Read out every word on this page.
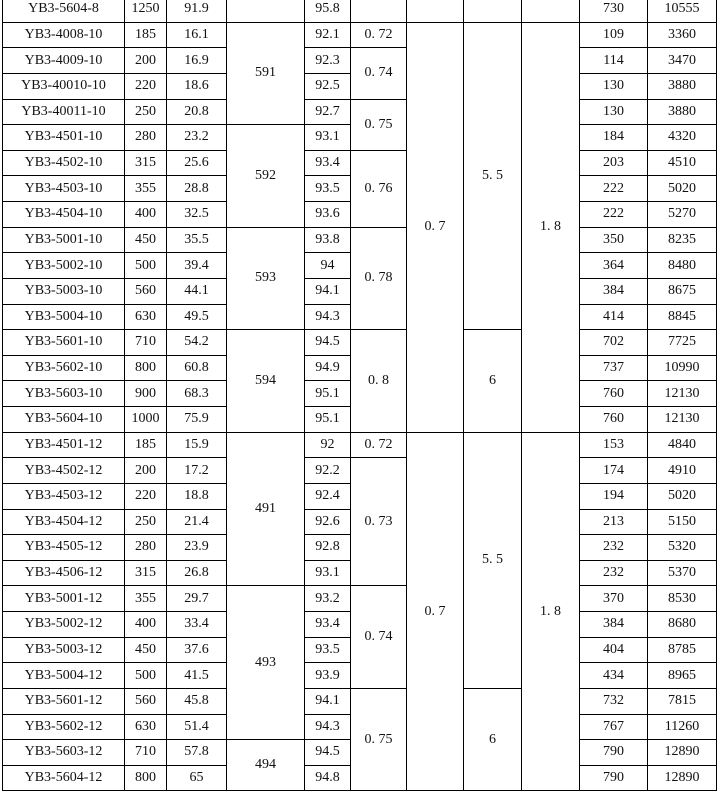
YB3-5604-8	1250	91.9		95.8					730	10555
YB3-4008-10	185	16.1	591	92.1	0. 72	0. 7	5. 5	1. 8	109	3360
YB3-4009-10	200	16.9		92.3	0. 74				114	3470
YB3-40010-10	220	18.6		92.5					130	3880
YB3-40011-10	250	20.8		92.7	0. 75				130	3880
YB3-4501-10	280	23.2	592	93.1					184	4320
YB3-4502-10	315	25.6		93.4	0. 76				203	4510
YB3-4503-10	355	28.8		93.5					222	5020
YB3-4504-10	400	32.5		93.6					222	5270
YB3-5001-10	450	35.5	593	93.8	0. 78				350	8235
YB3-5002-10	500	39.4		94					364	8480
YB3-5003-10	560	44.1		94.1					384	8675
YB3-5004-10	630	49.5		94.3					414	8845
YB3-5601-10	710	54.2	594	94.5	0. 8		6		702	7725
YB3-5602-10	800	60.8		94.9					737	10990
YB3-5603-10	900	68.3		95.1					760	12130
YB3-5604-10	1000	75.9		95.1					760	12130
YB3-4501-12	185	15.9	491	92	0. 72	0. 7	5. 5	1. 8	153	4840
YB3-4502-12	200	17.2		92.2	0. 73				174	4910
YB3-4503-12	220	18.8		92.4					194	5020
YB3-4504-12	250	21.4		92.6					213	5150
YB3-4505-12	280	23.9		92.8					232	5320
YB3-4506-12	315	26.8		93.1					232	5370
YB3-5001-12	355	29.7	493	93.2	0. 74				370	8530
YB3-5002-12	400	33.4		93.4					384	8680
YB3-5003-12	450	37.6		93.5					404	8785
YB3-5004-12	500	41.5		93.9					434	8965
YB3-5601-12	560	45.8		94.1	0. 75		6		732	7815
YB3-5602-12	630	51.4		94.3					767	11260
YB3-5603-12	710	57.8	494	94.5					790	12890
YB3-5604-12	800	65		94.8					790	12890
